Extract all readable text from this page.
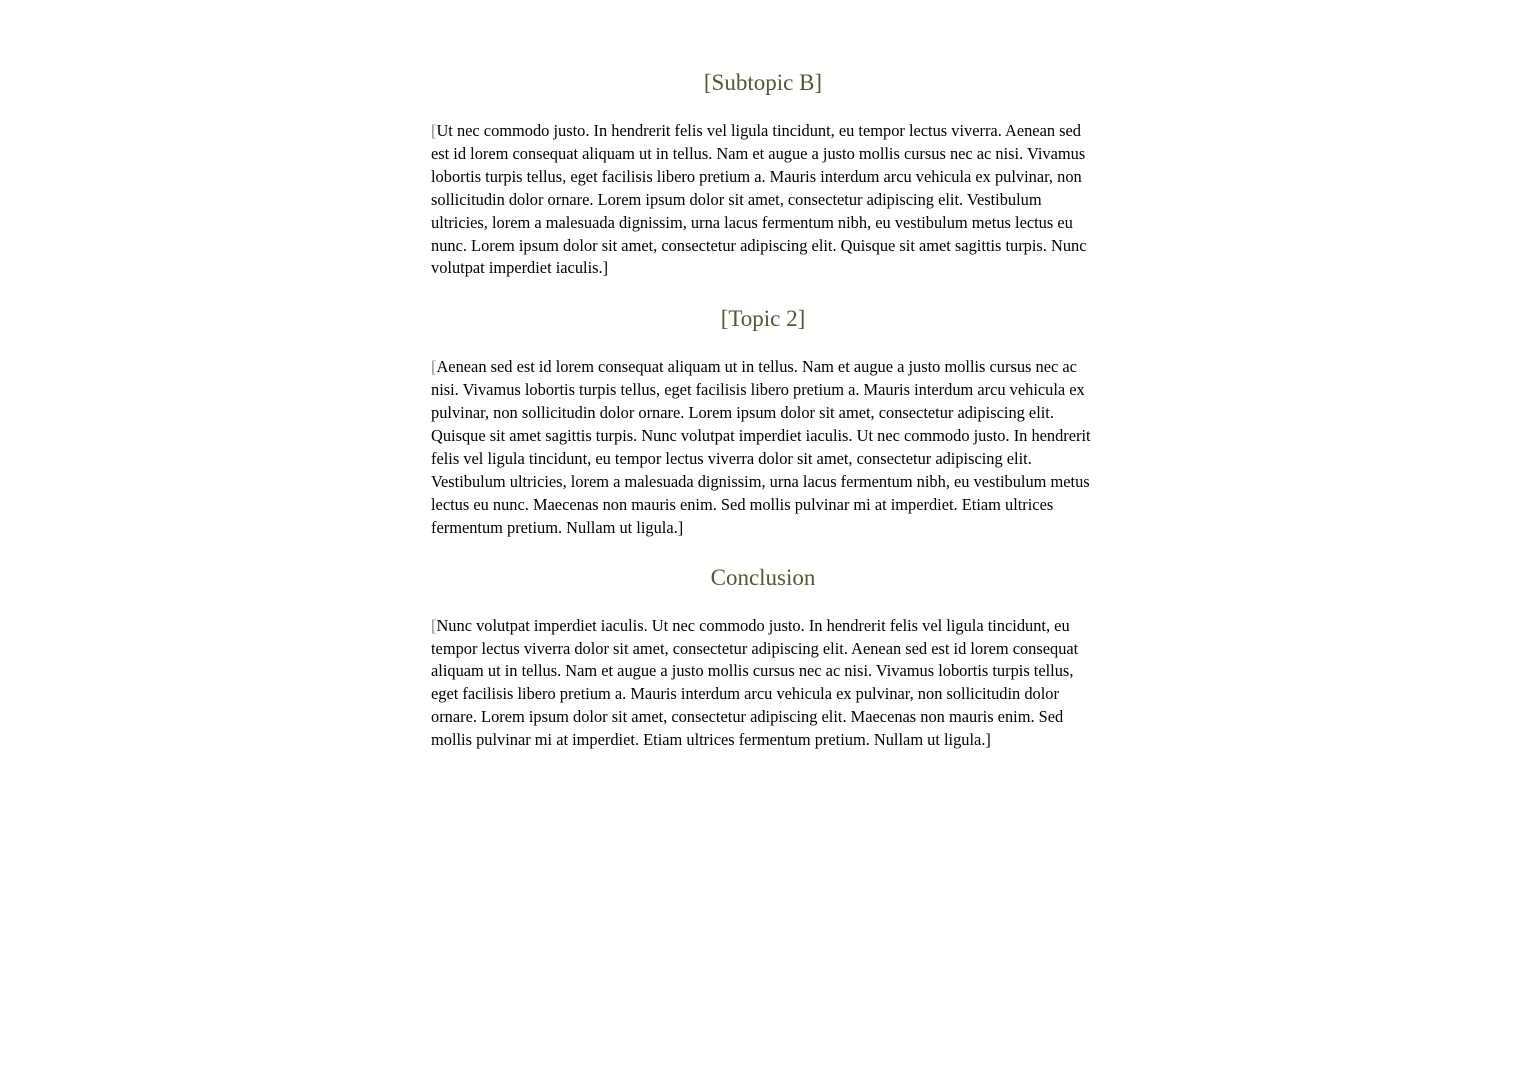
[Subtopic B]

[Ut nec commodo justo. In hendrerit felis vel ligula tincidunt, eu tempor lectus viverra. Aenean sed est id lorem consequat aliquam ut in tellus. Nam et augue a justo mollis cursus nec ac nisi. Vivamus lobortis turpis tellus, eget facilisis libero pretium a. Mauris interdum arcu vehicula ex pulvinar, non sollicitudin dolor ornare. Lorem ipsum dolor sit amet, consectetur adipiscing elit. Vestibulum ultricies, lorem a malesuada dignissim, urna lacus fermentum nibh, eu vestibulum metus lectus eu nunc. Lorem ipsum dolor sit amet, consectetur adipiscing elit. Quisque sit amet sagittis turpis. Nunc volutpat imperdiet iaculis.]

[Topic 2]

[Aenean sed est id lorem consequat aliquam ut in tellus. Nam et augue a justo mollis cursus nec ac nisi. Vivamus lobortis turpis tellus, eget facilisis libero pretium a. Mauris interdum arcu vehicula ex pulvinar, non sollicitudin dolor ornare. Lorem ipsum dolor sit amet, consectetur adipiscing elit. Quisque sit amet sagittis turpis. Nunc volutpat imperdiet iaculis. Ut nec commodo justo. In hendrerit felis vel ligula tincidunt, eu tempor lectus viverra dolor sit amet, consectetur adipiscing elit. Vestibulum ultricies, lorem a malesuada dignissim, urna lacus fermentum nibh, eu vestibulum metus lectus eu nunc. Maecenas non mauris enim. Sed mollis pulvinar mi at imperdiet. Etiam ultrices fermentum pretium. Nullam ut ligula.]

Conclusion

[Nunc volutpat imperdiet iaculis. Ut nec commodo justo. In hendrerit felis vel ligula tincidunt, eu tempor lectus viverra dolor sit amet, consectetur adipiscing elit. Aenean sed est id lorem consequat aliquam ut in tellus. Nam et augue a justo mollis cursus nec ac nisi. Vivamus lobortis turpis tellus, eget facilisis libero pretium a. Mauris interdum arcu vehicula ex pulvinar, non sollicitudin dolor ornare. Lorem ipsum dolor sit amet, consectetur adipiscing elit. Maecenas non mauris enim. Sed mollis pulvinar mi at imperdiet. Etiam ultrices fermentum pretium. Nullam ut ligula.]
